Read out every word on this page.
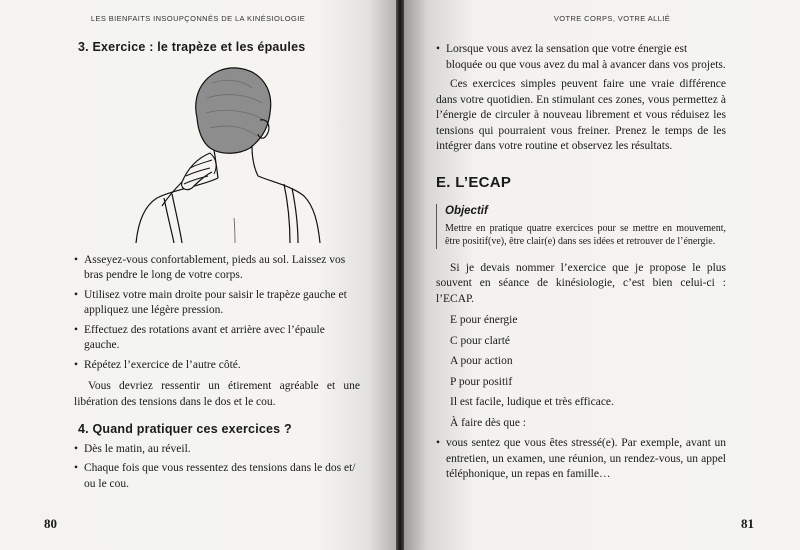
LES BIENFAITS INSOUPÇONNÉS DE LA KINÉSIOLOGIE
3. Exercice : le trapèze et les épaules
• Asseyez-vous confortablement, pieds au sol. Laissez vos bras pendre le long de votre corps.
• Utilisez votre main droite pour saisir le trapèze gauche et appliquez une légère pression.
• Effectuez des rotations avant et arrière avec l’épaule gauche.
• Répétez l’exercice de l’autre côté.

Vous devriez ressentir un étirement agréable et une libération des tensions dans le dos et le cou.

4. Quand pratiquer ces exercices ?
• Dès le matin, au réveil.
• Chaque fois que vous ressentez des tensions dans le dos et/ ou le cou.
80
VOTRE CORPS, VOTRE ALLIÉ
• Lorsque vous avez la sensation que votre énergie est bloquée ou que vous avez du mal à avancer dans vos projets.

Ces exercices simples peuvent faire une vraie différence dans votre quotidien. En stimulant ces zones, vous permettez à l’énergie de circuler à nouveau librement et vous réduisez les tensions qui pourraient vous freiner. Prenez le temps de les intégrer dans votre routine et observez les résultats.

E. L’ECAP
Objectif

Mettre en pratique quatre exercices pour se mettre en mouvement, être positif(ve), être clair(e) dans ses idées et retrouver de l’énergie.

Si je devais nommer l’exercice que je propose le plus souvent en séance de kinésiologie, c’est bien celui-ci : l’ECAP.

E pour énergie

C pour clarté

A pour action

P pour positif

Il est facile, ludique et très efficace.

À faire dès que :

• vous sentez que vous êtes stressé(e). Par exemple, avant un entretien, un examen, une réunion, un rendez-vous, un appel téléphonique, un repas en famille…
81
